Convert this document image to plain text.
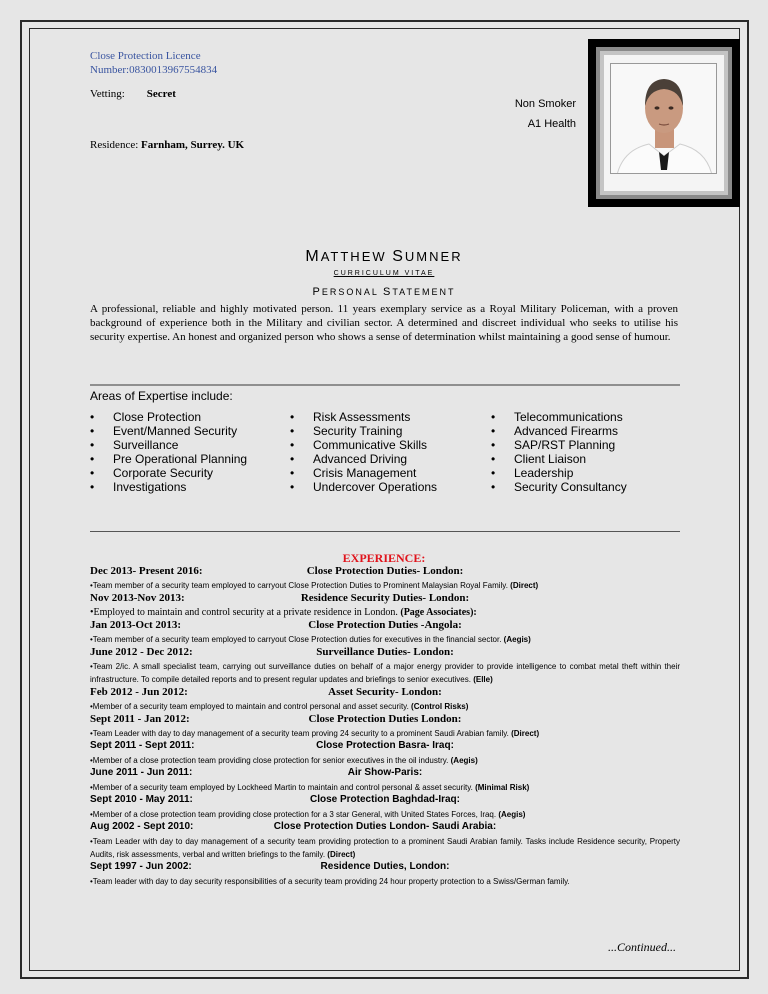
Close Protection Licence
Number:0830013967554834
Vetting: Secret
Residence: Farnham, Surrey. UK
Non Smoker
A1 Health
MATTHEW SUMNER
CURRICULUM VITAE
PERSONAL STATEMENT
A professional, reliable and highly motivated person. 11 years exemplary service as a Royal Military Policeman, with a proven background of experience both in the Military and civilian sector. A determined and discreet individual who seeks to utilise his security expertise. An honest and organized person who shows a sense of determination whilst maintaining a good sense of humour.
Areas of Expertise include:
• Close Protection
• Event/Manned Security
• Surveillance
• Pre Operational Planning
• Corporate Security
• Investigations
• Risk Assessments
• Security Training
• Communicative Skills
• Advanced Driving
• Crisis Management
• Undercover Operations
• Telecommunications
• Advanced Firearms
• SAP/RST Planning
• Client Liaison
• Leadership
• Security Consultancy
EXPERIENCE:
Dec 2013- Present 2016:	Close Protection Duties- London:
•Team member of a security team employed to carryout Close Protection Duties to Prominent Malaysian Royal Family. (Direct)
Nov 2013-Nov 2013:	Residence Security Duties- London:
•Employed to maintain and control security at a private residence in London. (Page Associates):
Jan 2013-Oct 2013:	Close Protection Duties -Angola:
•Team member of a security team employed to carryout Close Protection duties for executives in the financial sector. (Aegis)
June 2012 - Dec 2012:	Surveillance Duties- London:
•Team 2/ic. A small specialist team, carrying out surveillance duties on behalf of a major energy provider to provide intelligence to combat metal theft within their infrastructure. To compile detailed reports and to present regular updates and briefings to senior executives. (Elle)
Feb 2012 - Jun 2012:	Asset Security- London:
•Member of a security team employed to maintain and control personal and asset security. (Control Risks)
Sept 2011 - Jan 2012:	Close Protection Duties London:
•Team Leader with day to day management of a security team proving 24 security to a prominent Saudi Arabian family. (Direct)
Sept 2011 - Sept 2011:	Close Protection Basra- Iraq:
•Member of a close protection team providing close protection for senior executives in the oil industry. (Aegis)
June 2011 - Jun 2011:	Air Show-Paris:
•Member of a security team employed by Lockheed Martin to maintain and control personal & asset security. (Minimal Risk)
Sept 2010 - May 2011:	Close Protection Baghdad-Iraq:
•Member of a close protection team providing close protection for a 3 star General, with United States Forces, Iraq. (Aegis)
Aug 2002 - Sept 2010:	Close Protection Duties London- Saudi Arabia:
•Team Leader with day to day management of a security team providing protection to a prominent Saudi Arabian family. Tasks include Residence security, Property Audits, risk assessments, verbal and written briefings to the family. (Direct)
Sept 1997 - Jun 2002:	Residence Duties, London:
•Team leader with day to day security responsibilities of a security team providing 24 hour property protection to a Swiss/German family.
...Continued...
